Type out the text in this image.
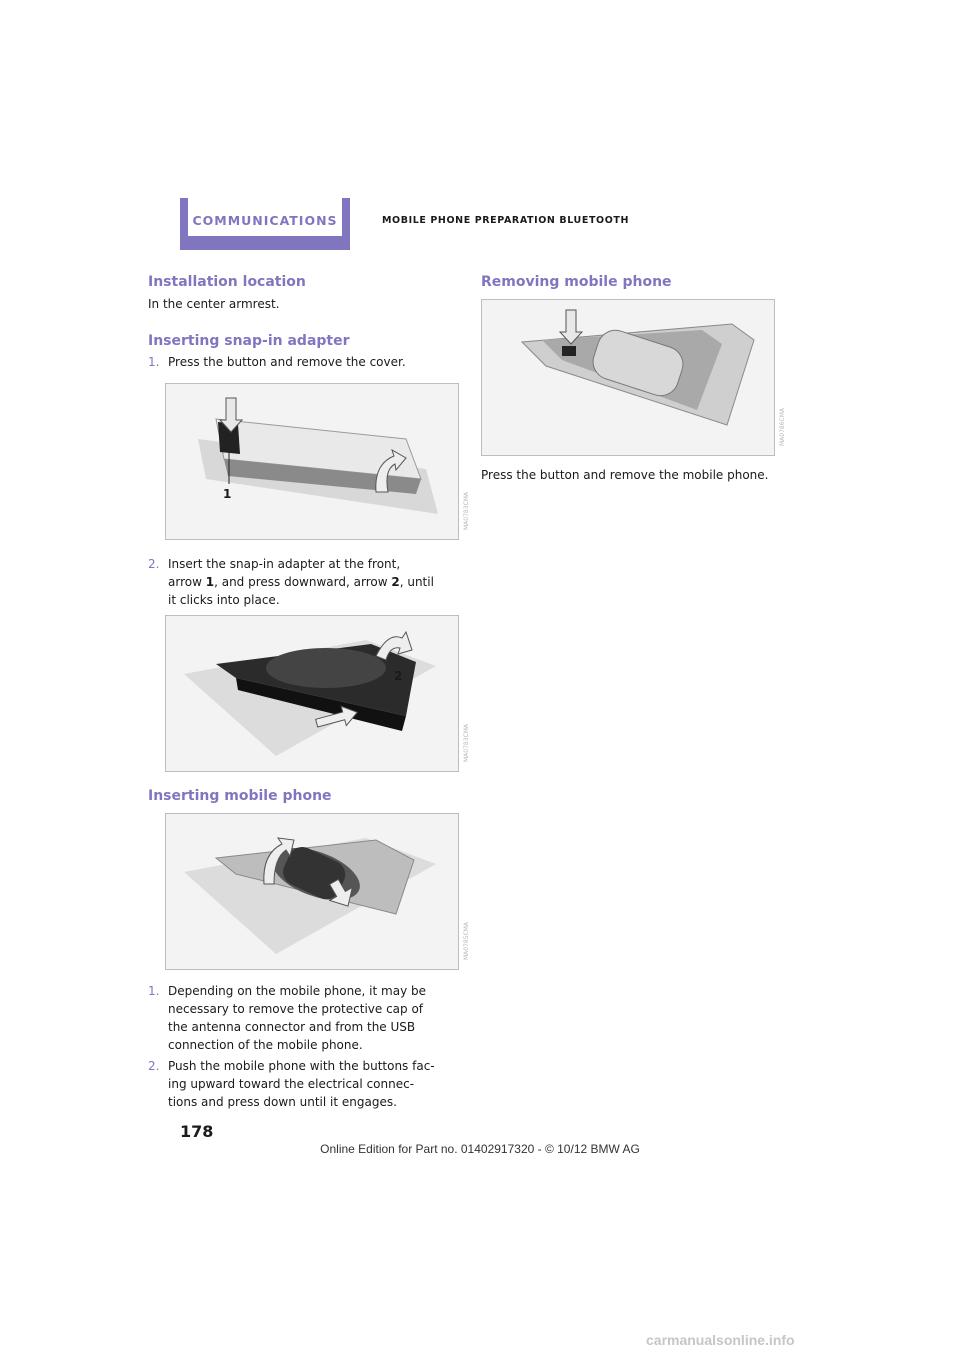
COMMUNICATIONS	MOBILE PHONE PREPARATION BLUETOOTH
Installation location

In the center armrest.

Inserting snap-in adapter
1. Press the button and remove the cover.
1	MA0783CMA
2. Insert the snap-in adapter at the front,
arrow 1, and press downward, arrow 2, until
it clicks into place.
2
MA0783CMA
Inserting mobile phone
MA0785CMA
1. Depending on the mobile phone, it may be
necessary to remove the protective cap of
the antenna connector and from the USB
connection of the mobile phone.
2. Push the mobile phone with the buttons fac-
ing upward toward the electrical connec-
tions and press down until it engages.
Removing mobile phone
MA0786CMA

Press the button and remove the mobile phone.

178
Online Edition for Part no. 01402917320 - © 10/12 BMW AG
carmanualsonline.info
